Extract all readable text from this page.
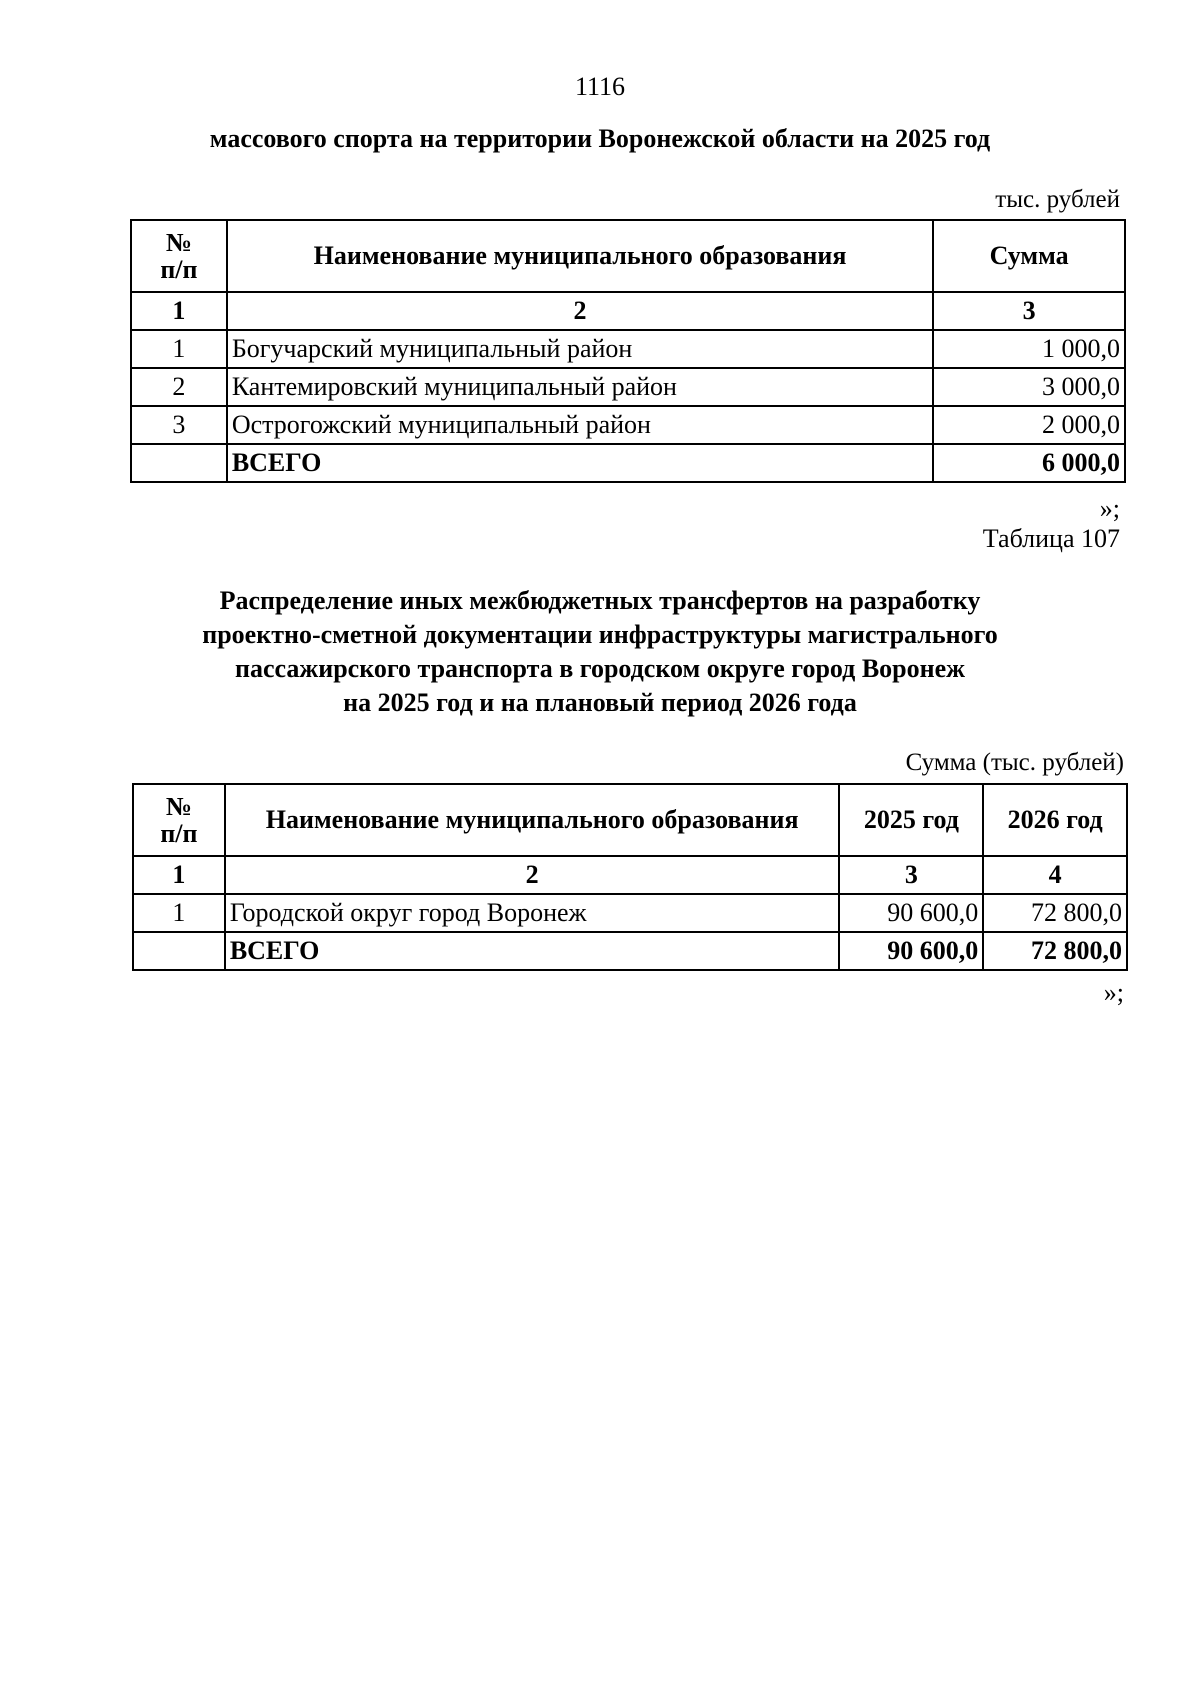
1116
массового спорта на территории Воронежской области на 2025 год
тыс. рублей
№
п/п	Наименование муниципального образования	Сумма
1	2	3
1	Богучарский муниципальный район	1 000,0
2	Кантемировский муниципальный район	3 000,0
3	Острогожский муниципальный район	2 000,0
	ВСЕГО	6 000,0
»;
Таблица 107
Распределение иных межбюджетных трансфертов на разработку
проектно-сметной документации инфраструктуры магистрального
пассажирского транспорта в городском округе город Воронеж
на 2025 год и на плановый период 2026 года
Сумма (тыс. рублей)
№
п/п	Наименование муниципального образования	2025 год	2026 год
1	2	3	4
1	Городской округ город Воронеж	90 600,0	72 800,0
	ВСЕГО	90 600,0	72 800,0
»;
